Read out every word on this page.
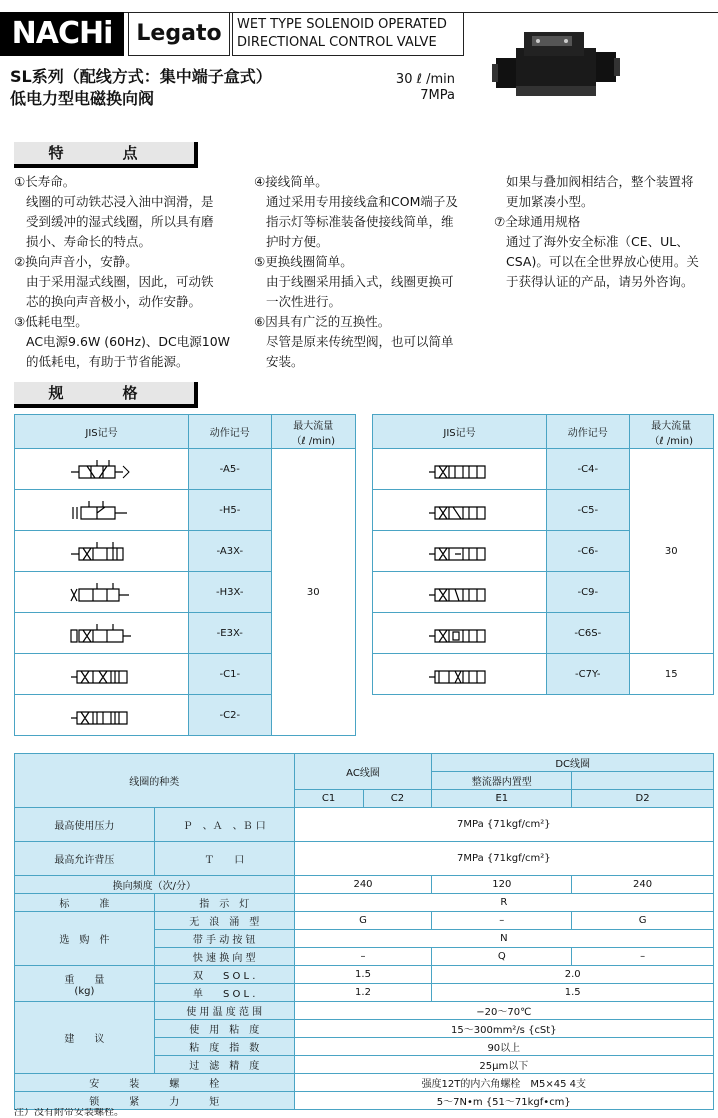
NACHi	Legato	WET TYPE SOLENOID OPERATED
DIRECTIONAL CONTROL VALVE
SL系列（配线方式：集中端子盒式）
低电力型电磁换向阀
30 ℓ /min
7MPa
特　点

①长寿命。

线圈的可动铁芯浸入油中润滑，是

受到缓冲的湿式线圈，所以具有磨

损小、寿命长的特点。

②换向声音小，安静。

由于采用湿式线圈，因此，可动铁

芯的换向声音极小，动作安静。

③低耗电型。

AC电源9.6W (60Hz)、DC电源10W

的低耗电，有助于节省能源。

④接线简单。

通过采用专用接线盒和COM端子及

指示灯等标准装备使接线简单，维

护时方便。

⑤更换线圈简单。

由于线圈采用插入式，线圈更换可

一次性进行。

⑥因具有广泛的互换性。

尽管是原来传统型阀，也可以简单

安装。

如果与叠加阀相结合，整个装置将

更加紧凑小型。

⑦全球通用规格

通过了海外安全标准（CE、UL、

CSA)。可以在全世界放心使用。关

于获得认证的产品，请另外咨询。

规　格
JIS记号	动作记号	最大流量
（ℓ /min)

	-A5-	30
	-H5-	
	-A3X-	
	-H3X-	
	-E3X-	
	-C1-	
	-C2-	
JIS记号	动作记号	最大流量
（ℓ /min)

	-C4-	30
	-C5-	
	-C6-	
	-C9-	
	-C6S-	
	-C7Y-	15
线圈的种类		AC线圈		DC线圈	
				整流器内置型	
		C1	C2	E1	D2
最高使用压力	Ｐ　、Ａ　、Ｂ 口	7MPa {71kgf/cm²}			
最高允许背压	Ｔ　　口	7MPa {71kgf/cm²}			
换向频度（次/分）		240		120	240
标　　　准	指　示　灯	R			
选　购　件	无　浪　涌　型	G		–	G
	带 手 动 按 钮	N			
	快 速 换 向 型	–		Q	–

重　　量
(kg)	双　　S O L .	1.5		2.0	
	单　　S O L .	1.2		1.5	
建　　议	使 用 温 度 范 围	−20〜70℃			
	使　用　粘　度	15〜300mm²/s {cSt}			
	粘　度　指　数	90以上			
	过　滤　精　度	25μm以下			
安　　　装　　　螺　　　栓		强度12T的内六角螺栓　M5×45 4支			
锁　　　紧　　　力　　　矩		5〜7N•m {51〜71kgf•cm}			
注）没有附带安装螺栓。
